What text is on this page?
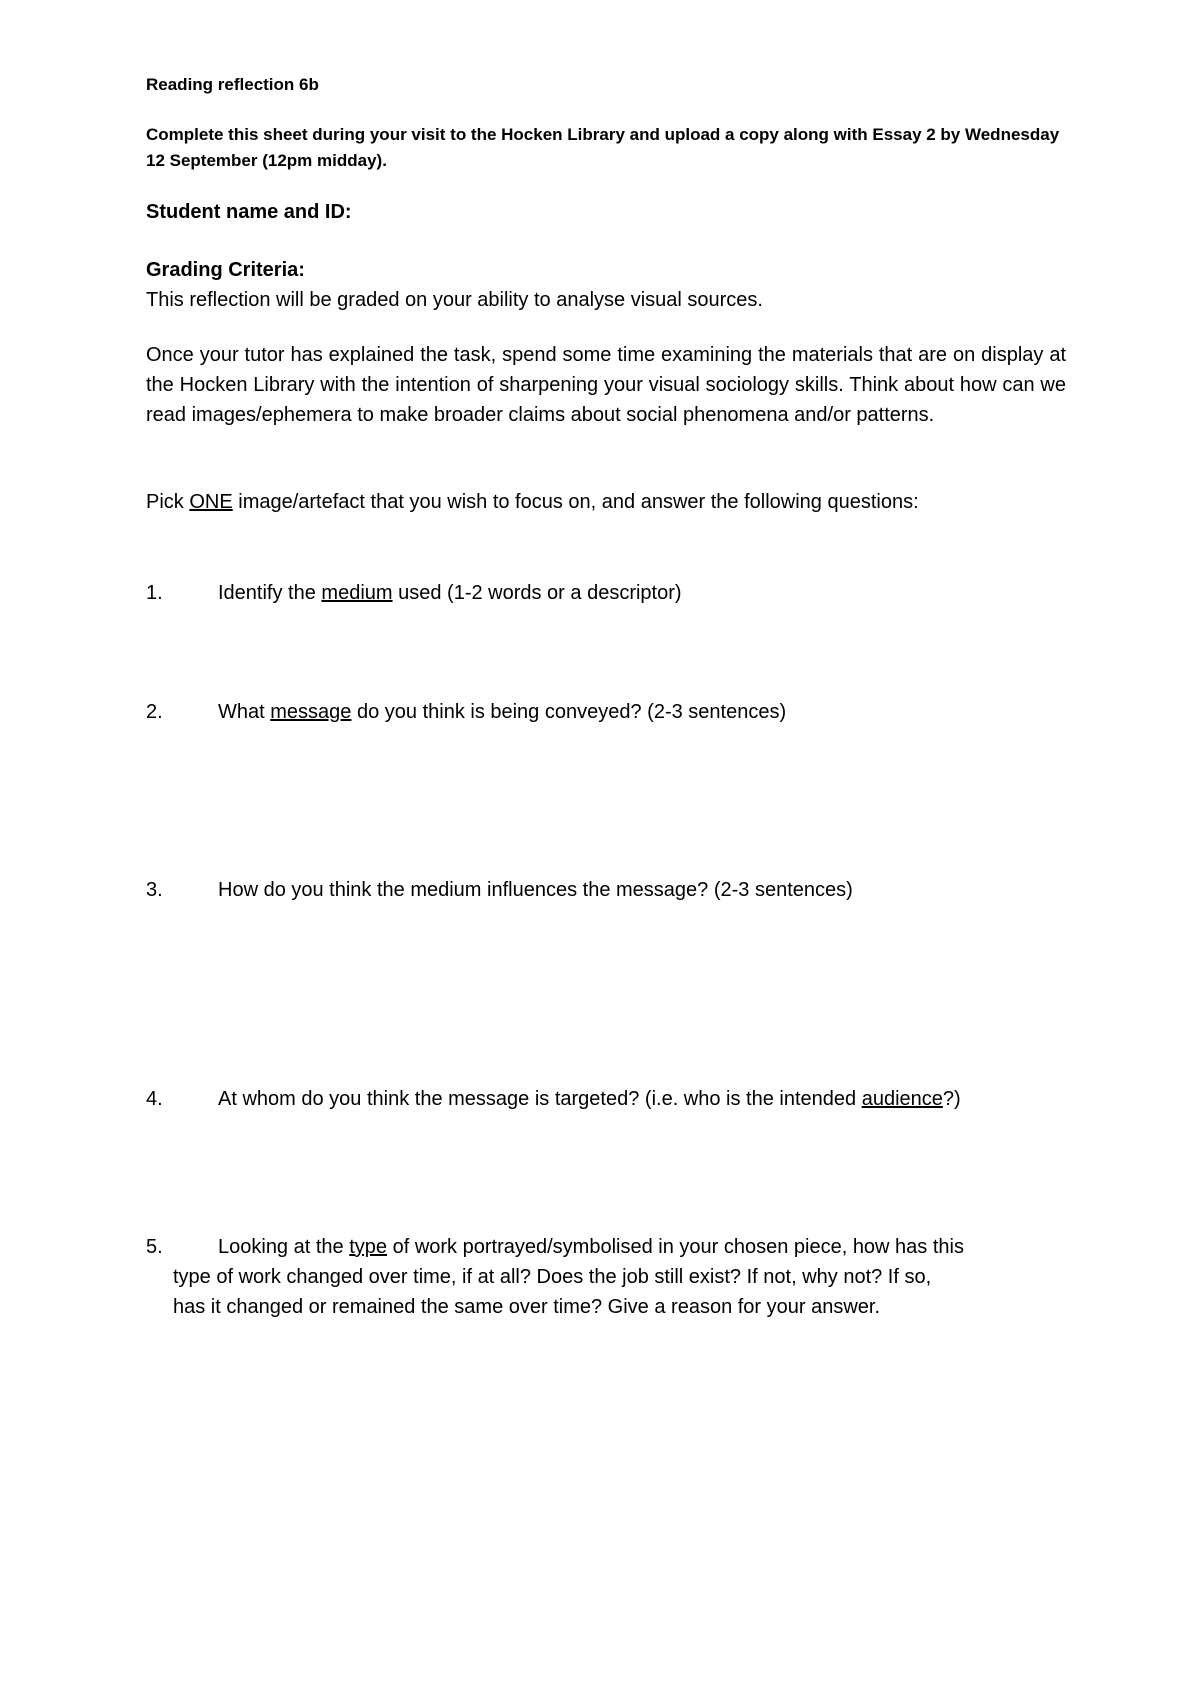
Reading reflection 6b

Complete this sheet during your visit to the Hocken Library and upload a copy along with Essay 2 by Wednesday 12 September (12pm midday).

Student name and ID:

Grading Criteria:

This reflection will be graded on your ability to analyse visual sources.

Once your tutor has explained the task, spend some time examining the materials that are on display at the Hocken Library with the intention of sharpening your visual sociology skills. Think about how can we read images/ephemera to make broader claims about social phenomena and/or patterns.

Pick ONE image/artefact that you wish to focus on, and answer the following questions:

1.	Identify the medium used (1-2 words or a descriptor)

2.	What message do you think is being conveyed? (2-3 sentences)

3.	How do you think the medium influences the message? (2-3 sentences)

4.	At whom do you think the message is targeted? (i.e. who is the intended audience?)

5.	Looking at the type of work portrayed/symbolised in your chosen piece, how has this

type of work changed over time, if at all? Does the job still exist? If not, why not? If so,

has it changed or remained the same over time? Give a reason for your answer.
